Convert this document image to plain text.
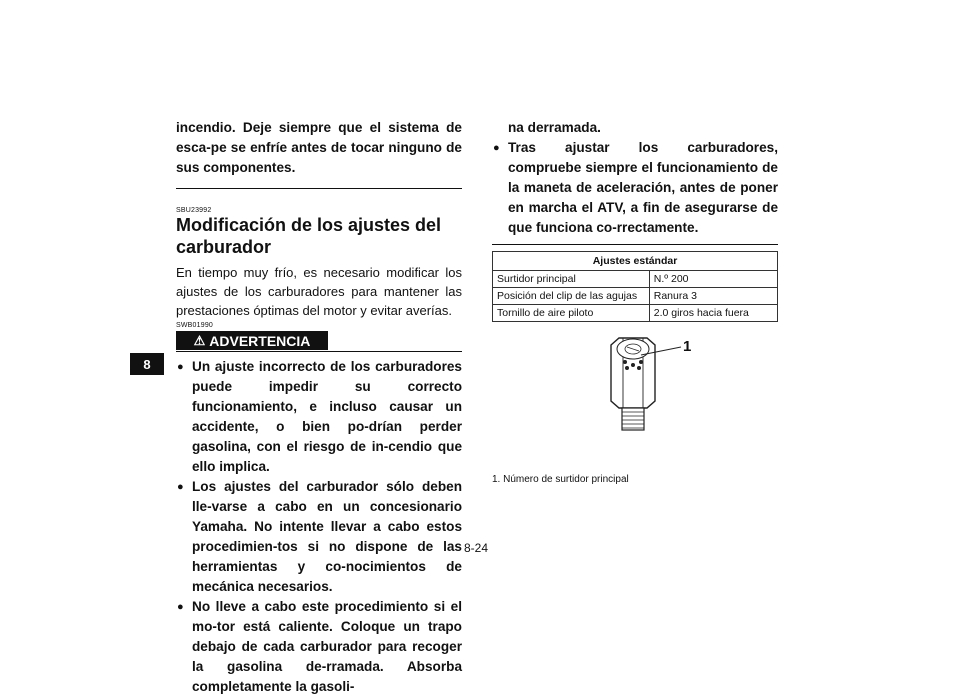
8

incendio. Deje siempre que el sistema de esca-pe se enfríe antes de tocar ninguno de sus componentes.

SBU23992

Modificación de los ajustes del carburador

En tiempo muy frío, es necesario modificar los ajustes de los carburadores para mantener las prestaciones óptimas del motor y evitar averías.

SWB01990

⚠ ADVERTENCIA
● Un ajuste incorrecto de los carburadores puede impedir su correcto funcionamiento, e incluso causar un accidente, o bien po-drían perder gasolina, con el riesgo de in-cendio que ello implica.
● Los ajustes del carburador sólo deben lle-varse a cabo en un concesionario Yamaha. No intente llevar a cabo estos procedimien-tos si no dispone de las herramientas y co-nocimientos de mecánica necesarios.
● No lleve a cabo este procedimiento si el mo-tor está caliente. Coloque un trapo debajo de cada carburador para recoger la gasolina de-rramada. Absorba completamente la gasoli-

na derramada.

● Tras ajustar los carburadores, compruebe siempre el funcionamiento de la maneta de aceleración, antes de poner en marcha el ATV, a fin de asegurarse de que funciona co-rrectamente.
Ajustes estándar	
Surtidor principal	N.º 200
Posición del clip de las agujas	Ranura 3
Tornillo de aire piloto	2.0 giros hacia fuera
1
1. Número de surtidor principal
8-24
